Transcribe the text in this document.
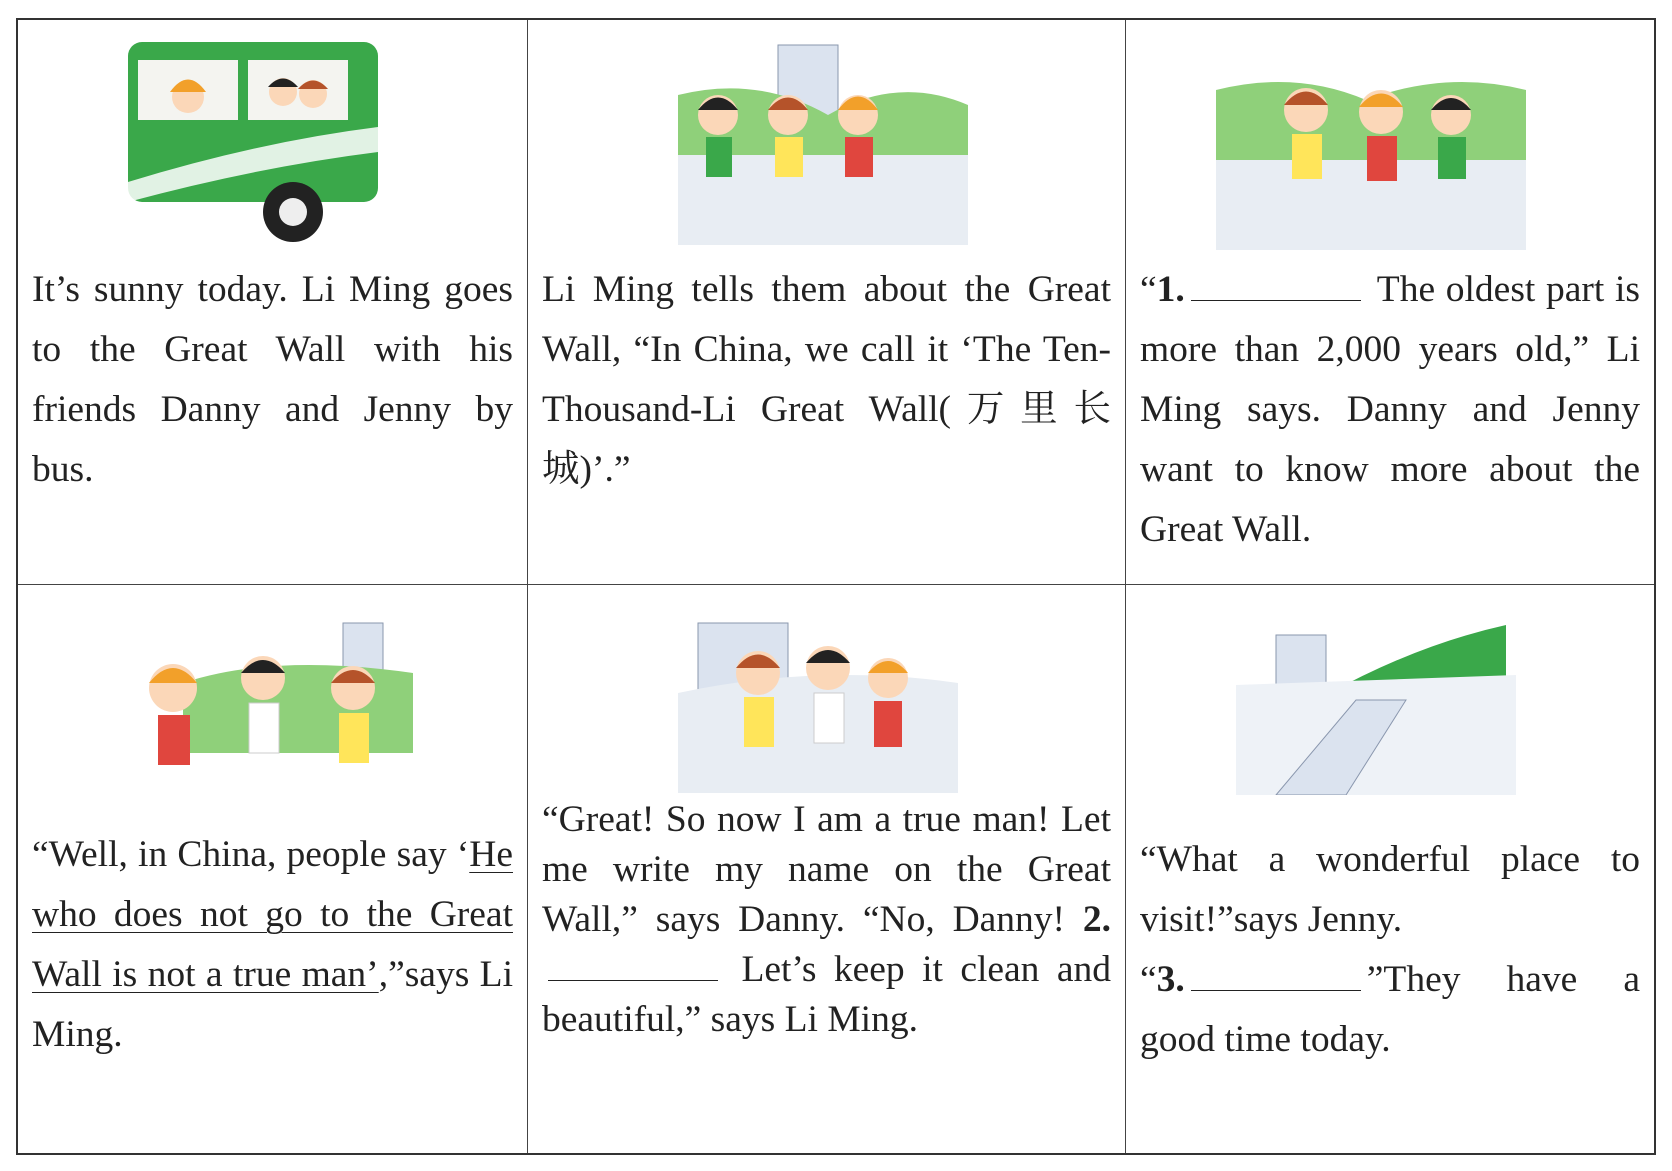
It’s sunny today. Li Ming goes to the Great Wall with his friends Danny and Jenny by bus.
Li Ming tells them about the Great Wall, “In China, we call it ‘The Ten-Thousand-Li Great Wall(万里长城)’.”
“1.	The oldest part is more than 2,000 years old,” Li Ming says. Danny and Jenny want to know more about the Great Wall.
“Well, in China, people say ‘He who does not go to the Great Wall is not a true man’,”says Li Ming.
“Great! So now I am a true man! Let me write my name on the Great Wall,” says Danny. “No, Danny! 2. Let’s keep it clean and beautiful,” says Li Ming.
“What a wonderful place to visit!”says Jenny.
“3.	”They have a good time today.
